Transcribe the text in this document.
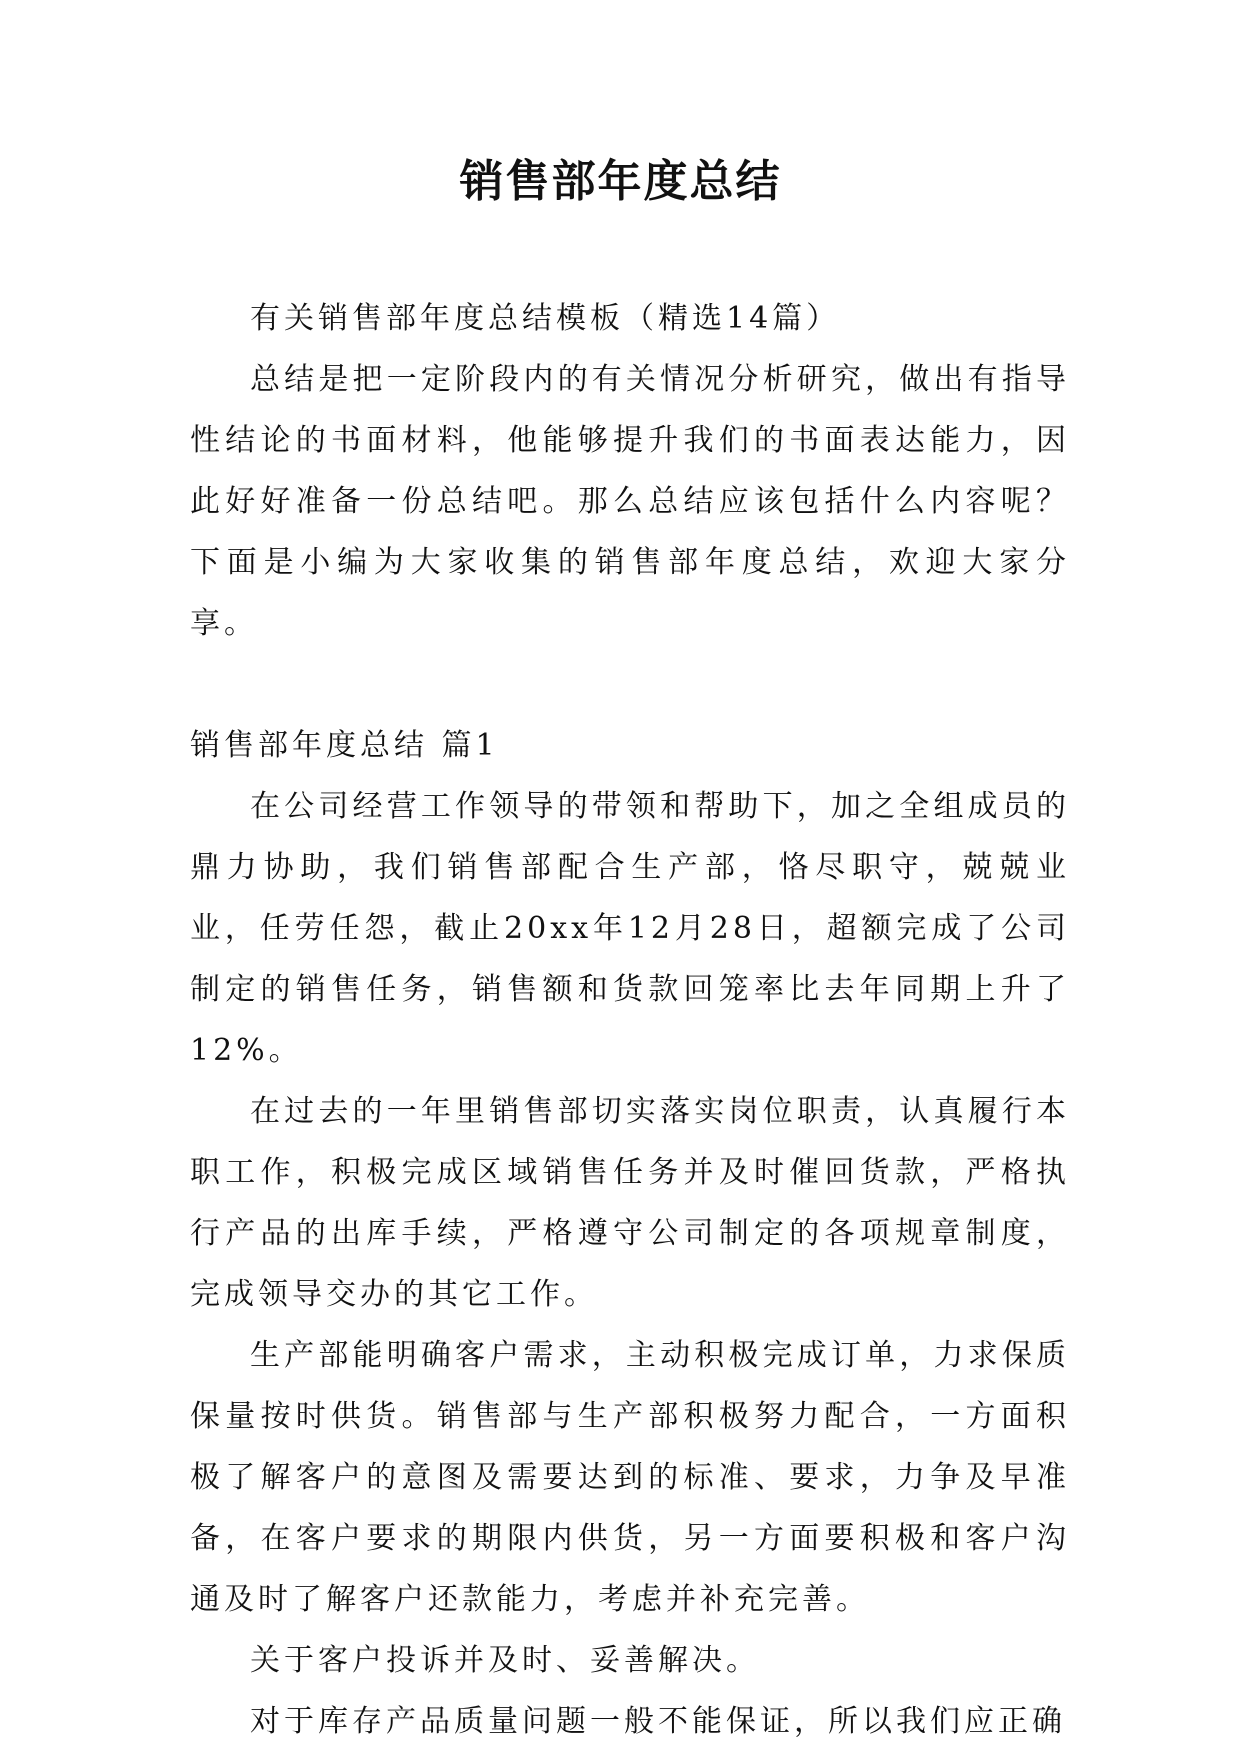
销售部年度总结

有关销售部年度总结模板（精选14篇）

总结是把一定阶段内的有关情况分析研究，做出有指导性结论的书面材料，他能够提升我们的书面表达能力，因此好好准备一份总结吧。那么总结应该包括什么内容呢？下面是小编为大家收集的销售部年度总结，欢迎大家分享。

销售部年度总结 篇1

在公司经营工作领导的带领和帮助下，加之全组成员的鼎力协助，我们销售部配合生产部，恪尽职守，兢兢业业，任劳任怨，截止20xx年12月28日，超额完成了公司制定的销售任务，销售额和货款回笼率比去年同期上升了12%。

在过去的一年里销售部切实落实岗位职责，认真履行本职工作，积极完成区域销售任务并及时催回货款，严格执行产品的出库手续，严格遵守公司制定的各项规章制度，完成领导交办的其它工作。

生产部能明确客户需求，主动积极完成订单，力求保质保量按时供货。销售部与生产部积极努力配合，一方面积极了解客户的意图及需要达到的标准、要求，力争及早准备，在客户要求的期限内供货，另一方面要积极和客户沟通及时了解客户还款能力，考虑并补充完善。

关于客户投诉并及时、妥善解决。

对于库存产品质量问题一般不能保证，所以我们应正确
